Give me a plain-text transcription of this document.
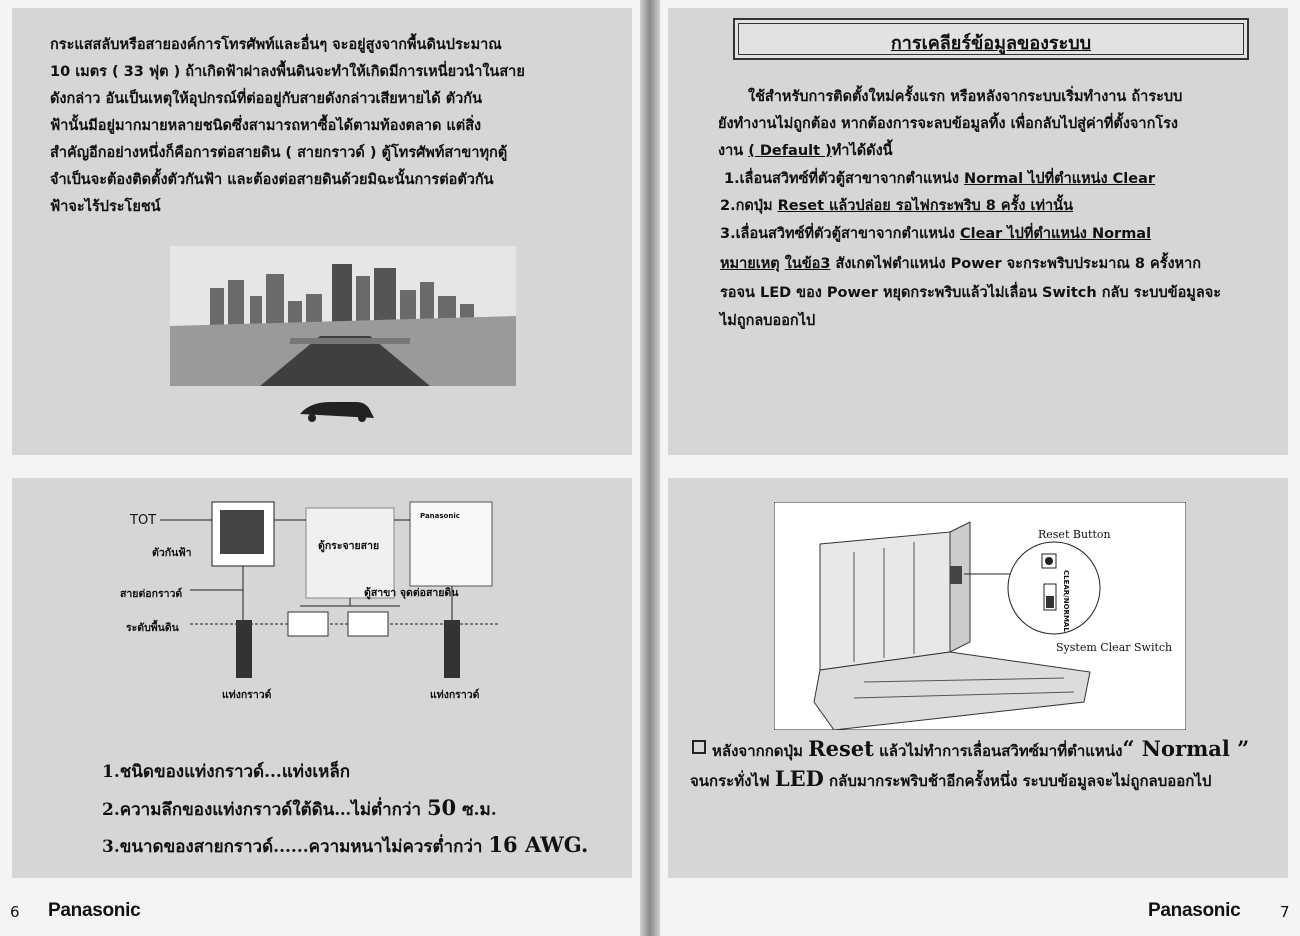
กระแสสลับหรือสายองค์การโทรศัพท์และอื่นๆ จะอยู่สูงจากพื้นดินประมาณ
10 เมตร ( 33 ฟุต ) ถ้าเกิดฟ้าผ่าลงพื้นดินจะทำให้เกิดมีการเหนี่ยวนำในสาย
ดังกล่าว อันเป็นเหตุให้อุปกรณ์ที่ต่ออยู่กับสายดังกล่าวเสียหายได้ ตัวกัน
ฟ้านั้นมีอยู่มากมายหลายชนิดซึ่งสามารถหาซื้อได้ตามท้องตลาด แต่สิ่ง
สำคัญอีกอย่างหนึ่งก็คือการต่อสายดิน ( สายกราวด์ ) ตู้โทรศัพท์สาขาทุกตู้
จำเป็นจะต้องติดตั้งตัวกันฟ้า และต้องต่อสายดินด้วยมิฉะนั้นการต่อตัวกัน
ฟ้าจะไร้ประโยชน์
TOT
ตัวกันฟ้า
สายต่อกราวด์
ระดับพื้นดิน
ตู้กระจายสาย
ตู้สาขา จุดต่อสายดิน
แท่งกราวด์	แท่งกราวด์
Panasonic
1.ชนิดของแท่งกราวด์...แท่งเหล็ก
2.ความลึกของแท่งกราวด์ใต้ดิน…ไม่ต่ำกว่า 50 ซ.ม.
3.ขนาดของสายกราวด์......ความหนาไม่ควรต่ำกว่า 16 AWG.
6 Panasonic
การเคลียร์ข้อมูลของระบบ
ใช้สำหรับการติดตั้งใหม่ครั้งแรก หรือหลังจากระบบเริ่มทำงาน ถ้าระบบ
ยังทำงานไม่ถูกต้อง หากต้องการจะลบข้อมูลทิ้ง เพื่อกลับไปสู่ค่าที่ตั้งจากโรง
งาน ( Default )ทำได้ดังนี้
1.เลื่อนสวิทซ์ที่ตัวตู้สาขาจากตำแหน่ง Normal ไปที่ตำแหน่ง Clear
2.กดปุ่ม Reset แล้วปล่อย รอไฟกระพริบ 8 ครั้ง เท่านั้น
3.เลื่อนสวิทซ์ที่ตัวตู้สาขาจากตำแหน่ง Clear ไปที่ตำแหน่ง Normal
หมายเหตุ ในข้อ3 สังเกตไฟตำแหน่ง Power จะกระพริบประมาณ 8 ครั้งหาก
รอจน LED ของ Power หยุดกระพริบแล้วไม่เลื่อน Switch กลับ ระบบข้อมูลจะ
ไม่ถูกลบออกไป
Reset Button
CLEAR/NORMAL
System Clear Switch
หลังจากกดปุ่ม Reset แล้วไม่ทำการเลื่อนสวิทซ์มาที่ตำแหน่ง“ Normal ”
จนกระทั่งไฟ LED กลับมากระพริบช้าอีกครั้งหนึ่ง ระบบข้อมูลจะไม่ถูกลบออกไป
Panasonic	7
